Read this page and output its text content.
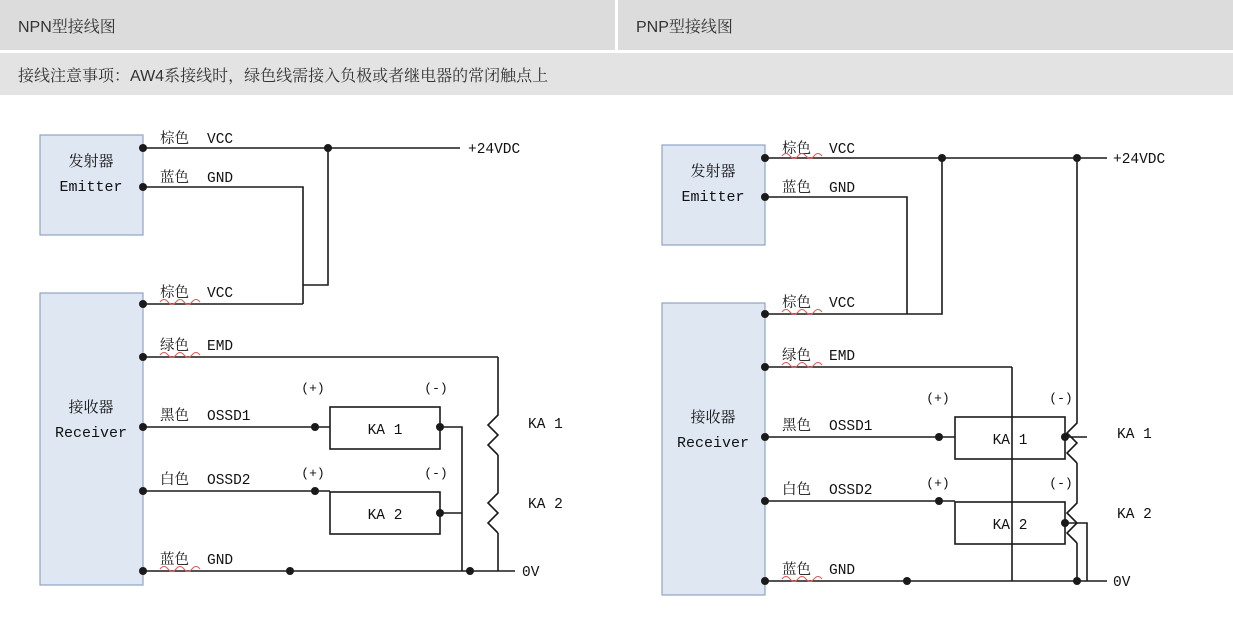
NPN型接线图	PNP型接线图
接线注意事项：AW4系接线时，绿色线需接入负极或者继电器的常闭触点上
发射器
Emitter
接收器
Receiver
棕色 VCC
+24VDC
蓝色 GND
棕色 VCC
绿色 EMD
黑色 OSSD1
KA 1
(+)	(-)
白色 OSSD2
KA 2
(+)	(-)
蓝色 GND
0V
KA 1
KA 2
发射器
Emitter
接收器
Receiver
棕色 VCC
+24VDC
蓝色 GND
棕色 VCC
绿色 EMD
黑色 OSSD1
KA 1
(+)	(-)
白色 OSSD2
KA 2
(+)	(-)
蓝色 GND
0V
KA 1
KA 2
